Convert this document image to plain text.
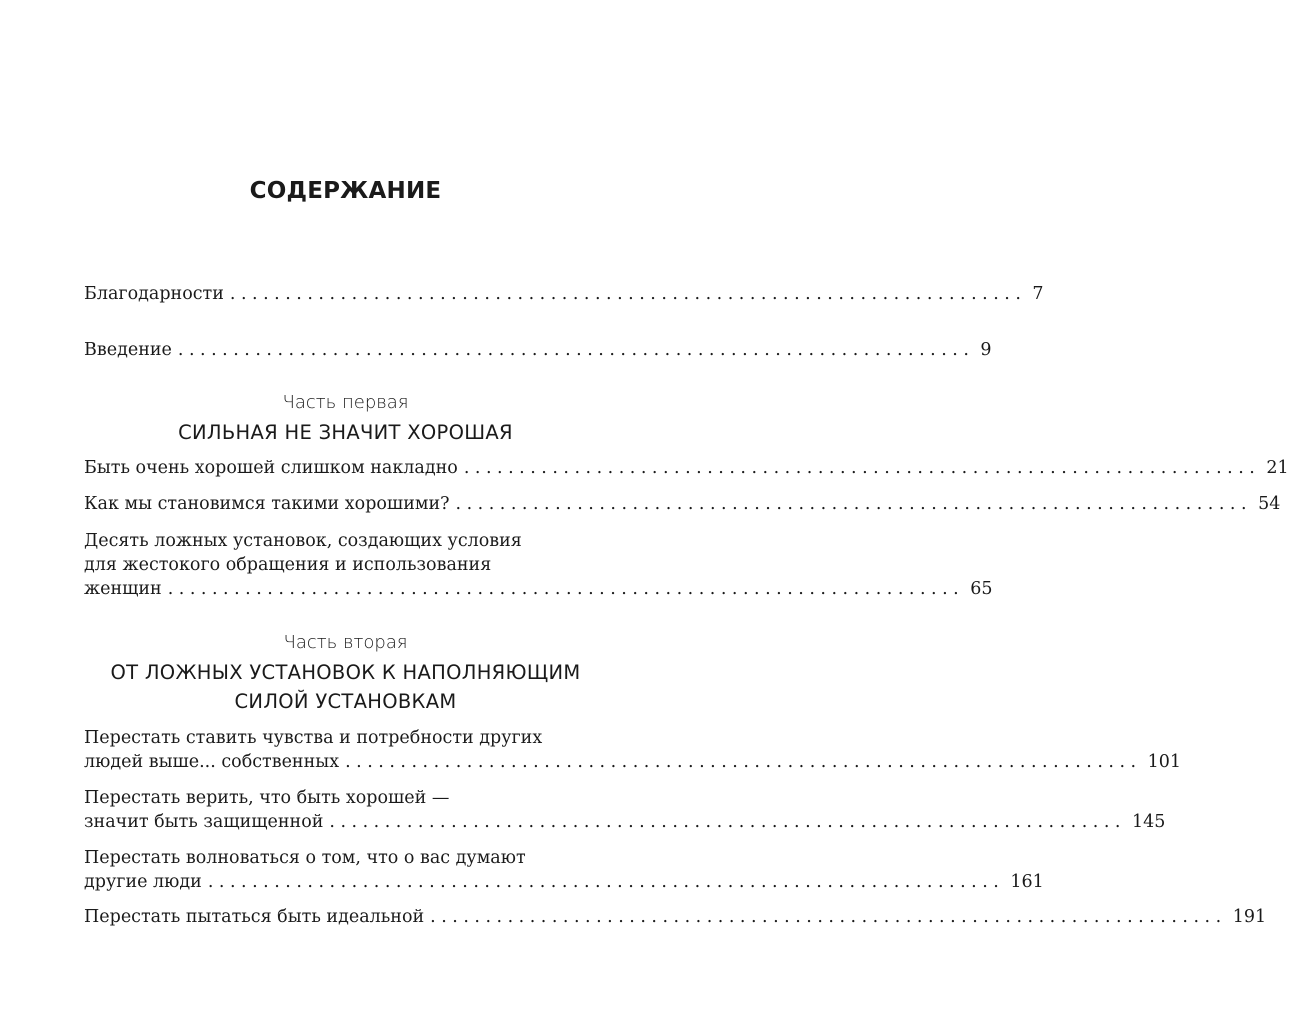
СОДЕРЖАНИЕ
Благодарности ........................................................................ 7
Введение ........................................................................ 9
Часть первая
СИЛЬНАЯ НЕ ЗНАЧИТ ХОРОШАЯ
Быть очень хорошей слишком накладно ........................................................................ 21
Как мы становимся такими хорошими? ........................................................................ 54
Десять ложных установок, создающих условия
для жестокого обращения и использования
женщин ........................................................................ 65
Часть вторая
ОТ ЛОЖНЫХ УСТАНОВОК К НАПОЛНЯЮЩИМ
СИЛОЙ УСТАНОВКАМ
Перестать ставить чувства и потребности других
людей выше... собственных ........................................................................ 101
Перестать верить, что быть хорошей —
значит быть защищенной ........................................................................ 145
Перестать волноваться о том, что о вас думают
другие люди ........................................................................ 161
Перестать пытаться быть идеальной ........................................................................ 191
